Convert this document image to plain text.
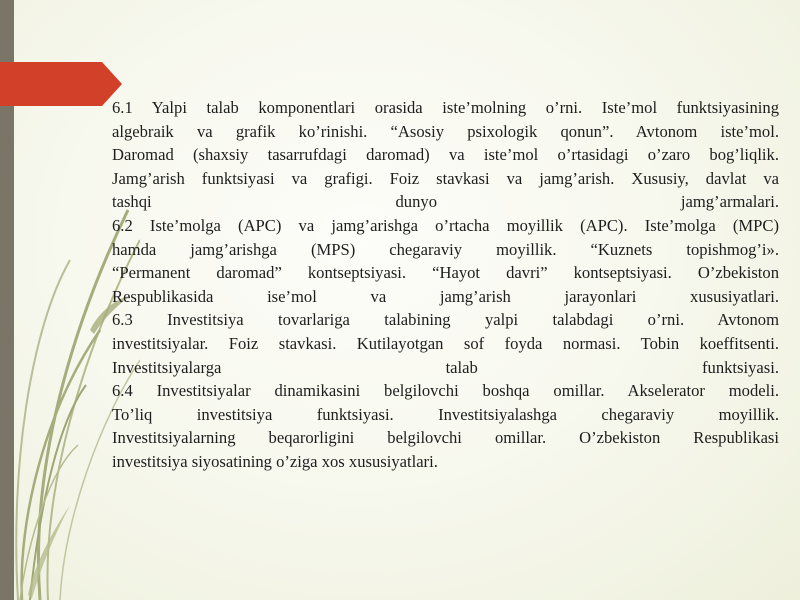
6.1 Yalpi talab komponentlari orasida iste’molning o’rni. Iste’mol funktsiyasining

algebraik va grafik ko’rinishi. “Asosiy psixologik qonun”. Avtonom iste’mol.

Daromad (shaxsiy tasarrufdagi daromad) va iste’mol o’rtasidagi o’zaro bog’liqlik.

Jamg’arish funktsiyasi va grafigi. Foiz stavkasi va jamg’arish. Xususiy, davlat va

tashqi dunyo jamg’armalari.

6.2 Iste’molga (APC) va jamg’arishga o’rtacha moyillik (APC). Iste’molga (MPC)

hamda jamg’arishga (MPS) chegaraviy moyillik. “Kuznets topishmog’i».

“Permanent daromad” kontseptsiyasi. “Hayot davri” kontseptsiyasi. O’zbekiston

Respublikasida ise’mol va jamg’arish jarayonlari xususiyatlari.

6.3 Investitsiya tovarlariga talabining yalpi talabdagi o’rni. Avtonom

investitsiyalar. Foiz stavkasi. Kutilayotgan sof foyda normasi. Tobin koeffitsenti.

Investitsiyalarga talab funktsiyasi.

6.4 Investitsiyalar dinamikasini belgilovchi boshqa omillar. Akselerator modeli.

To’liq investitsiya funktsiyasi. Investitsiyalashga chegaraviy moyillik.

Investitsiyalarning beqarorligini belgilovchi omillar. O’zbekiston Respublikasi

investitsiya siyosatining o’ziga xos xususiyatlari.
